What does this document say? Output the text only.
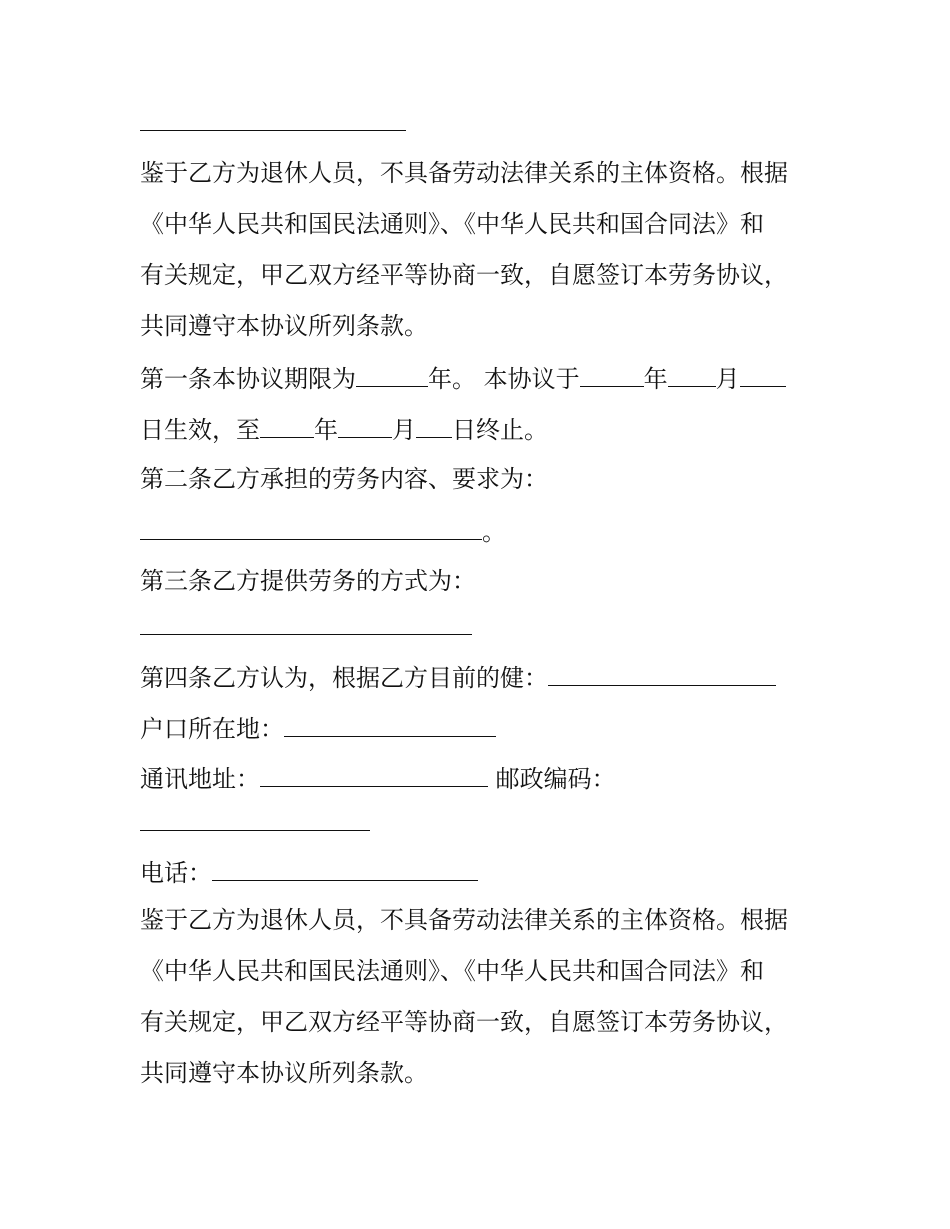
鉴于乙方为退休人员，不具备劳动法律关系的主体资格。根据
《中华人民共和国民法通则》、《中华人民共和国合同法》和
有关规定，甲乙双方经平等协商一致，自愿签订本劳务协议，
共同遵守本协议所列条款。
第一条本协议期限为	年。 本协议于	年 月
日生效，至 年 月 日终止。
第二条乙方承担的劳务内容、要求为：
。
第三条乙方提供劳务的方式为：
第四条乙方认为，根据乙方目前的健：
户口所在地：
通讯地址：	邮政编码：
电话：
鉴于乙方为退休人员，不具备劳动法律关系的主体资格。根据
《中华人民共和国民法通则》、《中华人民共和国合同法》和
有关规定，甲乙双方经平等协商一致，自愿签订本劳务协议，
共同遵守本协议所列条款。
